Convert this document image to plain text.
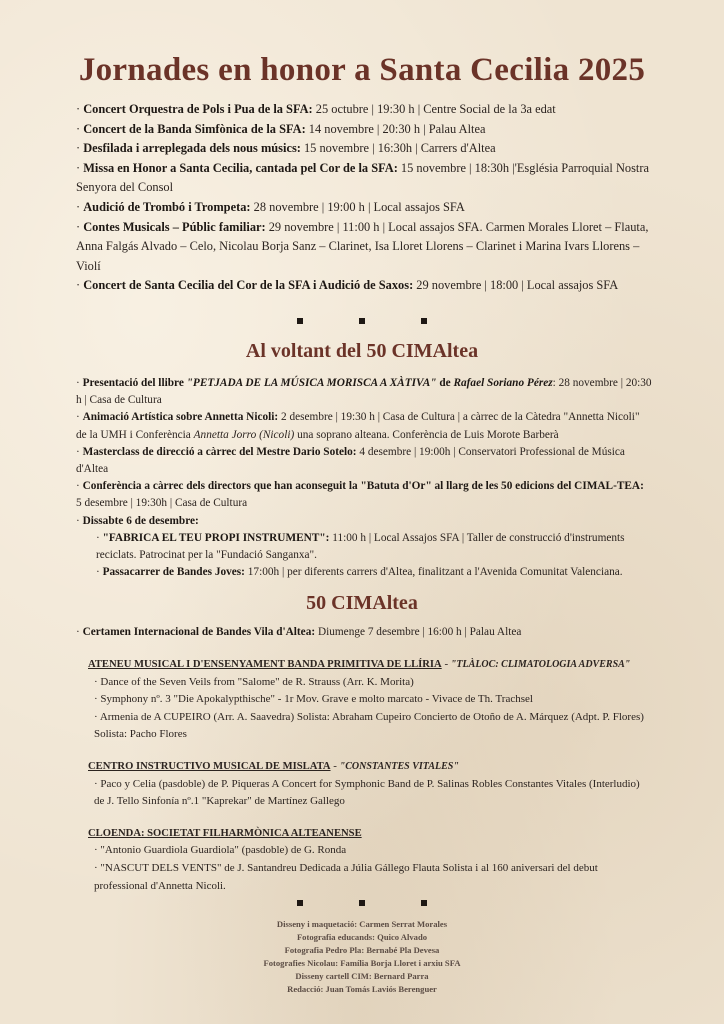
Jornades en honor a Santa Cecilia 2025

· Concert Orquestra de Pols i Pua de la SFA: 25 octubre | 19:30 h | Centre Social de la 3a edat

· Concert de la Banda Simfònica de la SFA: 14 novembre | 20:30 h | Palau Altea

· Desfilada i arreplegada dels nous músics: 15 novembre | 16:30h | Carrers d'Altea

· Missa en Honor a Santa Cecilia, cantada pel Cor de la SFA: 15 novembre | 18:30h |'Església Parroquial Nostra Senyora del Consol

· Audició de Trombó i Trompeta: 28 novembre | 19:00 h | Local assajos SFA

· Contes Musicals – Públic familiar: 29 novembre | 11:00 h | Local assajos SFA. Carmen Morales Lloret – Flauta, Anna Falgás Alvado – Celo, Nicolau Borja Sanz – Clarinet, Isa Lloret Llorens – Clarinet i Marina Ivars Llorens – Violí

· Concert de Santa Cecilia del Cor de la SFA i Audició de Saxos: 29 novembre | 18:00 | Local assajos SFA

Al voltant del 50 CIMAltea

· Presentació del llibre "PETJADA DE LA MÚSICA MORISCA A XÀTIVA" de Rafael Soriano Pérez: 28 novembre | 20:30 h | Casa de Cultura

· Animació Artística sobre Annetta Nicoli: 2 desembre | 19:30 h | Casa de Cultura | a càrrec de la Càtedra "Annetta Nicoli" de la UMH i Conferència Annetta Jorro (Nicoli) una soprano alteana. Conferència de Luis Morote Barberà

· Masterclass de direcció a càrrec del Mestre Dario Sotelo: 4 desembre | 19:00h | Conservatori Professional de Música d'Altea

· Conferència a càrrec dels directors que han aconseguit la "Batuta d'Or" al llarg de les 50 edicions del CIMAL-TEA: 5 desembre | 19:30h | Casa de Cultura

· Dissabte 6 de desembre:

· "FABRICA EL TEU PROPI INSTRUMENT": 11:00 h | Local Assajos SFA | Taller de construcció d'instruments reciclats. Patrocinat per la "Fundació Sanganxa".

· Passacarrer de Bandes Joves: 17:00h | per diferents carrers d'Altea, finalitzant a l'Avenida Comunitat Valenciana.

50 CIMAltea

· Certamen Internacional de Bandes Vila d'Altea: Diumenge 7 desembre | 16:00 h | Palau Altea

ATENEU MUSICAL I D'ENSENYAMENT BANDA PRIMITIVA DE LLÍRIA - "TLÀLOC: CLIMATOLOGIA ADVERSA"
· Dance of the Seven Veils from "Salome" de R. Strauss (Arr. K. Morita)
· Symphony nº. 3 "Die Apokalypthische" - 1r Mov. Grave e molto marcato - Vivace de Th. Trachsel
· Armenia de A CUPEIRO (Arr. A. Saavedra) Solista: Abraham Cupeiro Concierto de Otoño de A. Márquez (Adpt. P. Flores) Solista: Pacho Flores
CENTRO INSTRUCTIVO MUSICAL DE MISLATA - "CONSTANTES VITALES"
· Paco y Celia (pasdoble) de P. Piqueras A Concert for Symphonic Band de P. Salinas Robles Constantes Vitales (Interludio) de J. Tello Sinfonía nº.1 "Kaprekar" de Martínez Gallego
CLOENDA: SOCIETAT FILHARMÒNICA ALTEANENSE
· "Antonio Guardiola Guardiola" (pasdoble) de G. Ronda
· "NASCUT DELS VENTS" de J. Santandreu Dedicada a Júlia Gállego Flauta Solista i al 160 aniversari del debut professional d'Annetta Nicoli.
Disseny i maquetació: Carmen Serrat Morales
Fotografia educands: Quico Alvado
Fotografia Pedro Pla: Bernabé Pla Devesa
Fotografies Nicolau: Família Borja Lloret i arxiu SFA
Disseny cartell CIM: Bernard Parra
Redacció: Juan Tomás Laviós Berenguer
